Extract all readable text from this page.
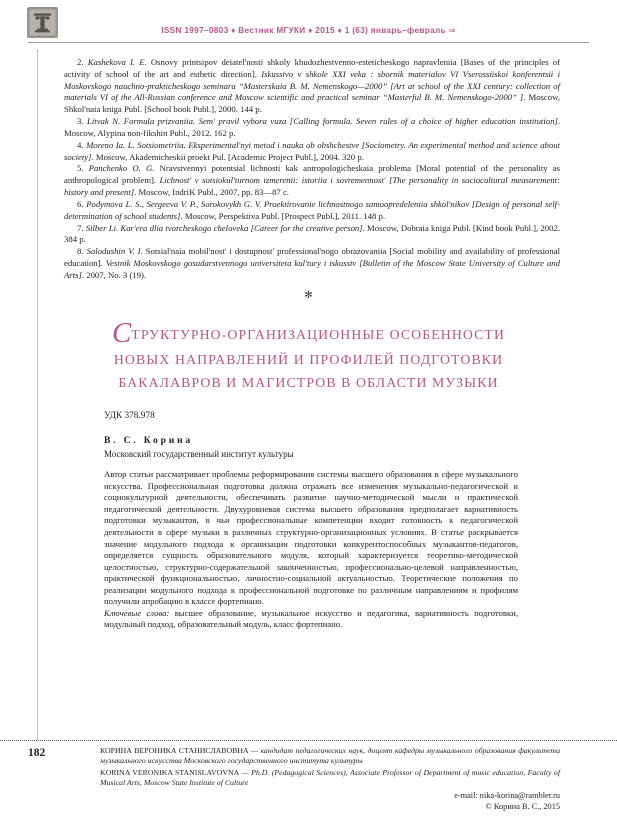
ISSN 1997–0803 ♦ Вестник МГУКИ ♦ 2015 ♦ 1 (63) январь–февраль ⇒

2. Kashekova I. E. Osnovy printsipov deiatel'nosti shkoly khudozhestvenno-esteticheskogo napravleniia [Bases of the principles of activity of school of the art and esthetic direction]. Iskusstvo v shkole XXI veka : sbornik materialov VI Vserossiiskoi konferentsii i Moskovskogo nauchno-prakticheskogo seminara “Masterskaia B. M. Nemenskogo—2000” [Art at school of the XXI century: collection of materials VI of the All-Russian conference and Moscow scientific and practical seminar “Masterful B. M. Nemenskogo-2000” ]. Moscow, Shkol'naia kniga Publ. [School book Publ.], 2000. 144 p.

3. Litvak N. Formula prizvaniia. Sem' pravil vybora vuza [Calling formula. Seven rules of a choice of higher education institution]. Moscow, Alypina non-fikshin Publ., 2012. 162 p.

4. Moreno Ia. L. Sotsiometriia. Eksperimental'nyi metod i nauka ob obshchestve [Sociometry. An experimental method and science about society]. Moscow, Akademicheskii proekt Pul. [Academic Project Publ.], 2004. 320 p.

5. Panchenko O. G. Nravstvennyi potentsial lichnosti kak antropologicheskaia problema [Moral potential of the personality as anthropological problem]. Lichnost' v sotsiokul'turnom izmerenii: istoriia i sovremennost' [The personality in sociocultural measurement: history and present]. Moscow, IndriK Publ., 2007, pp. 83—87 c.

6. Podymova L. S., Sergeeva V. P., Sorokovykh G. V. Proektirovanie lichnostnogo samoopredeleniia shkol'nikov [Design of personal self-determination of school students]. Moscow, Perspektiva Publ. [Prospect Publ.], 2011. 148 p.

7. Silber Li. Kar'era dlia tvorcheskogo cheloveka [Career for the creative person]. Moscow, Dobraia kniga Publ. [Kind book Publ.], 2002. 384 p.

8. Solodushin V. I. Sotsial'naia mobil'nost' i dostupnost' professional'nogo obrazovaniia [Social mobility and availability of professional education]. Vestnik Moskovskogo gosudarstvennogo universiteta kul'tury i iskusstv [Bulletin of the Moscow State University of Culture and Arts]. 2007, No. 3 (19).

✻
СТРУКТУРНО-ОРГАНИЗАЦИОННЫЕ ОСОБЕННОСТИ
НОВЫХ НАПРАВЛЕНИЙ И ПРОФИЛЕЙ ПОДГОТОВКИ
БАКАЛАВРОВ И МАГИСТРОВ В ОБЛАСТИ МУЗЫКИ
УДК 378.978
В. С. Корина
Московский государственный институт культуры

Автор статьи рассматривает проблемы реформирования системы высшего образования в сфере музыкального искусства. Профессиональная подготовка должна отражать все изменения музыкально-педагогической и социокультурной деятельности, обеспечивать развитие научно-методической мысли и практической педагогической деятельности. Двухуровневая система высшего образования предполагает вариативность подготовки музыкантов, в чьи профессиональные компетенции входит готовность к педагогической деятельности в сфере музыки в различных структурно-организационных условиях. В статье раскрывается значение модульного подхода к организации подготовки конкурентоспособных музыкантов-педагогов, определяется сущность образовательного модуля, который характеризуется теоретико-методической целостностью, структурно-содержательной законченностью, профессионально-целевой направленностью, практической функциональностью, личностно-социальной актуальностью. Теоретические положения по реализации модульного подхода к профессиональной подготовке по различным направлениям и профилям получили апробацию в классе фортепиано.

Ключевые слова: высшее образование, музыкальное искусство и педагогика, вариативность подготовки, модульный подход, образовательный модуль, класс фортепиано.

182	КОРИНА ВЕРОНИКА СТАНИСЛАВОВНА — кандидат педагогических наук, доцент кафедры музыкального образования факультета музыкального искусства Московского государственного института культуры
KORINA VERONIKA STANISLAVOVNA — Ph.D. (Pedagogical Sciences), Associate Professor of Department of music education, Faculty of Musical Arts, Moscow State Institute of Culture
e-mail: nika-korina@rambler.ru
© Корина В. С., 2015
